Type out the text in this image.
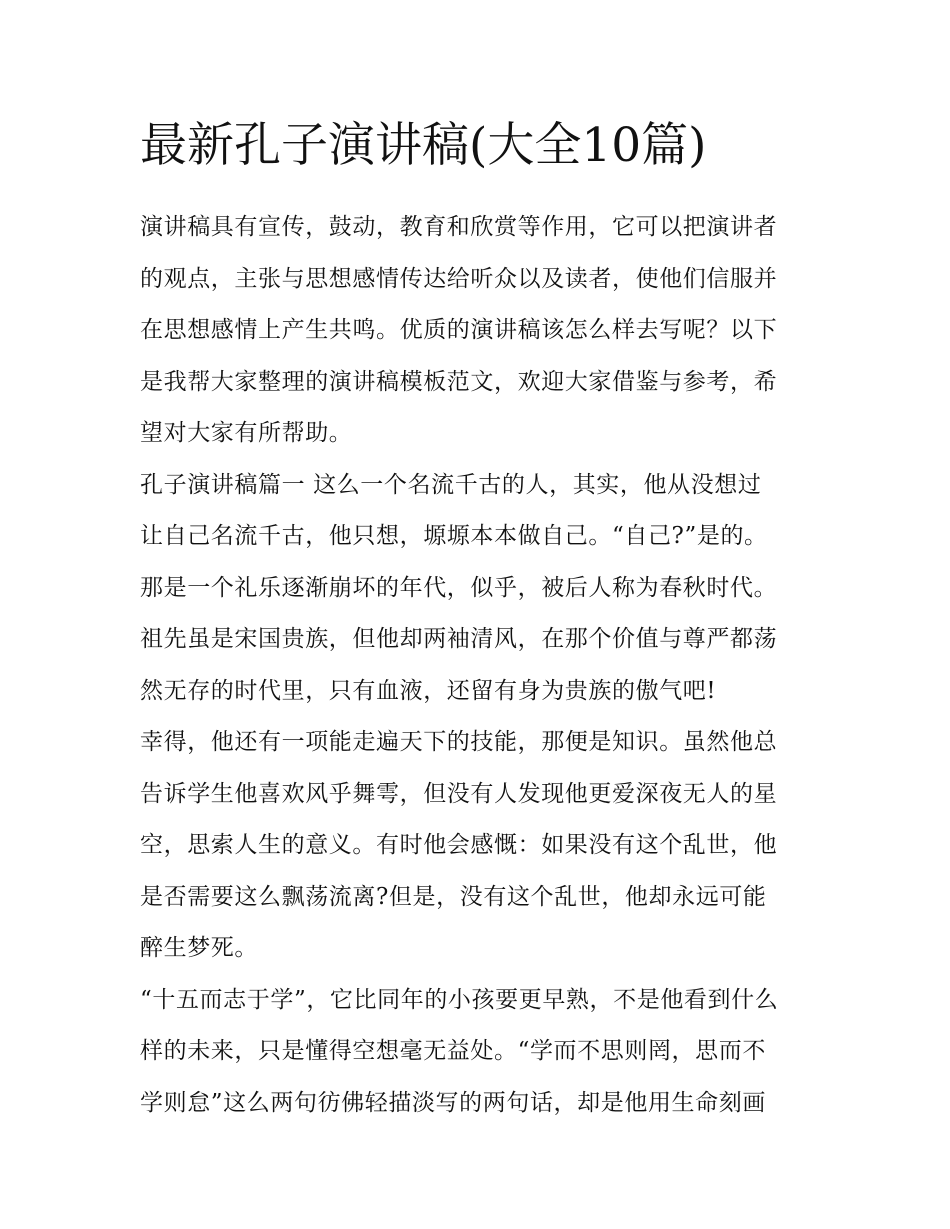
最新孔子演讲稿(大全10篇)
演讲稿具有宣传，鼓动，教育和欣赏等作用，它可以把演讲者
的观点，主张与思想感情传达给听众以及读者，使他们信服并
在思想感情上产生共鸣。优质的演讲稿该怎么样去写呢？以下
是我帮大家整理的演讲稿模板范文，欢迎大家借鉴与参考，希
望对大家有所帮助。
孔子演讲稿篇一 这么一个名流千古的人，其实，他从没想过
让自己名流千古，他只想，塬塬本本做自己。“自己?”是的。
那是一个礼乐逐渐崩坏的年代，似乎，被后人称为春秋时代。
祖先虽是宋国贵族，但他却两袖清风，在那个价值与尊严都荡
然无存的时代里，只有血液，还留有身为贵族的傲气吧!
幸得，他还有一项能走遍天下的技能，那便是知识。虽然他总
告诉学生他喜欢风乎舞雩，但没有人发现他更爱深夜无人的星
空，思索人生的意义。有时他会感慨：如果没有这个乱世，他
是否需要这么飘荡流离?但是，没有这个乱世，他却永远可能
醉生梦死。
“十五而志于学”，它比同年的小孩要更早熟，不是他看到什么
样的未来，只是懂得空想毫无益处。“学而不思则罔，思而不
学则怠”这么两句彷佛轻描淡写的两句话，却是他用生命刻画
